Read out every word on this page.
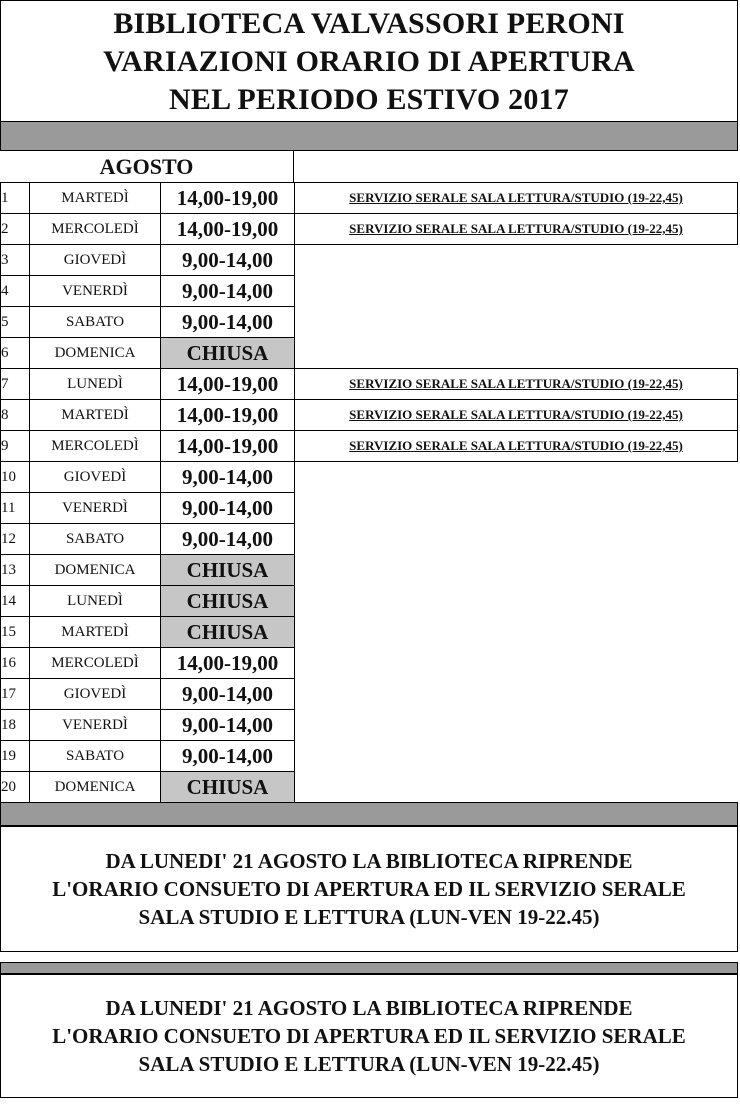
BIBLIOTECA VALVASSORI PERONI
VARIAZIONI ORARIO DI APERTURA
NEL PERIODO ESTIVO 2017
AGOSTO
1	MARTEDÌ	14,00-19,00	SERVIZIO SERALE SALA LETTURA/STUDIO (19-22,45)
2	MERCOLEDÌ	14,00-19,00	SERVIZIO SERALE SALA LETTURA/STUDIO (19-22,45)
3	GIOVEDÌ	9,00-14,00	
4	VENERDÌ	9,00-14,00	
5	SABATO	9,00-14,00	
6	DOMENICA	CHIUSA	
7	LUNEDÌ	14,00-19,00	SERVIZIO SERALE SALA LETTURA/STUDIO (19-22,45)
8	MARTEDÌ	14,00-19,00	SERVIZIO SERALE SALA LETTURA/STUDIO (19-22,45)
9	MERCOLEDÌ	14,00-19,00	SERVIZIO SERALE SALA LETTURA/STUDIO (19-22,45)
10	GIOVEDÌ	9,00-14,00	
11	VENERDÌ	9,00-14,00	
12	SABATO	9,00-14,00	
13	DOMENICA	CHIUSA	
14	LUNEDÌ	CHIUSA	
15	MARTEDÌ	CHIUSA	
16	MERCOLEDÌ	14,00-19,00	
17	GIOVEDÌ	9,00-14,00	
18	VENERDÌ	9,00-14,00	
19	SABATO	9,00-14,00	
20	DOMENICA	CHIUSA	
DA LUNEDI' 21 AGOSTO LA BIBLIOTECA RIPRENDE
L'ORARIO CONSUETO DI APERTURA ED IL SERVIZIO SERALE
SALA STUDIO E LETTURA (LUN-VEN 19-22.45)
DA LUNEDI' 21 AGOSTO LA BIBLIOTECA RIPRENDE
L'ORARIO CONSUETO DI APERTURA ED IL SERVIZIO SERALE
SALA STUDIO E LETTURA (LUN-VEN 19-22.45)
